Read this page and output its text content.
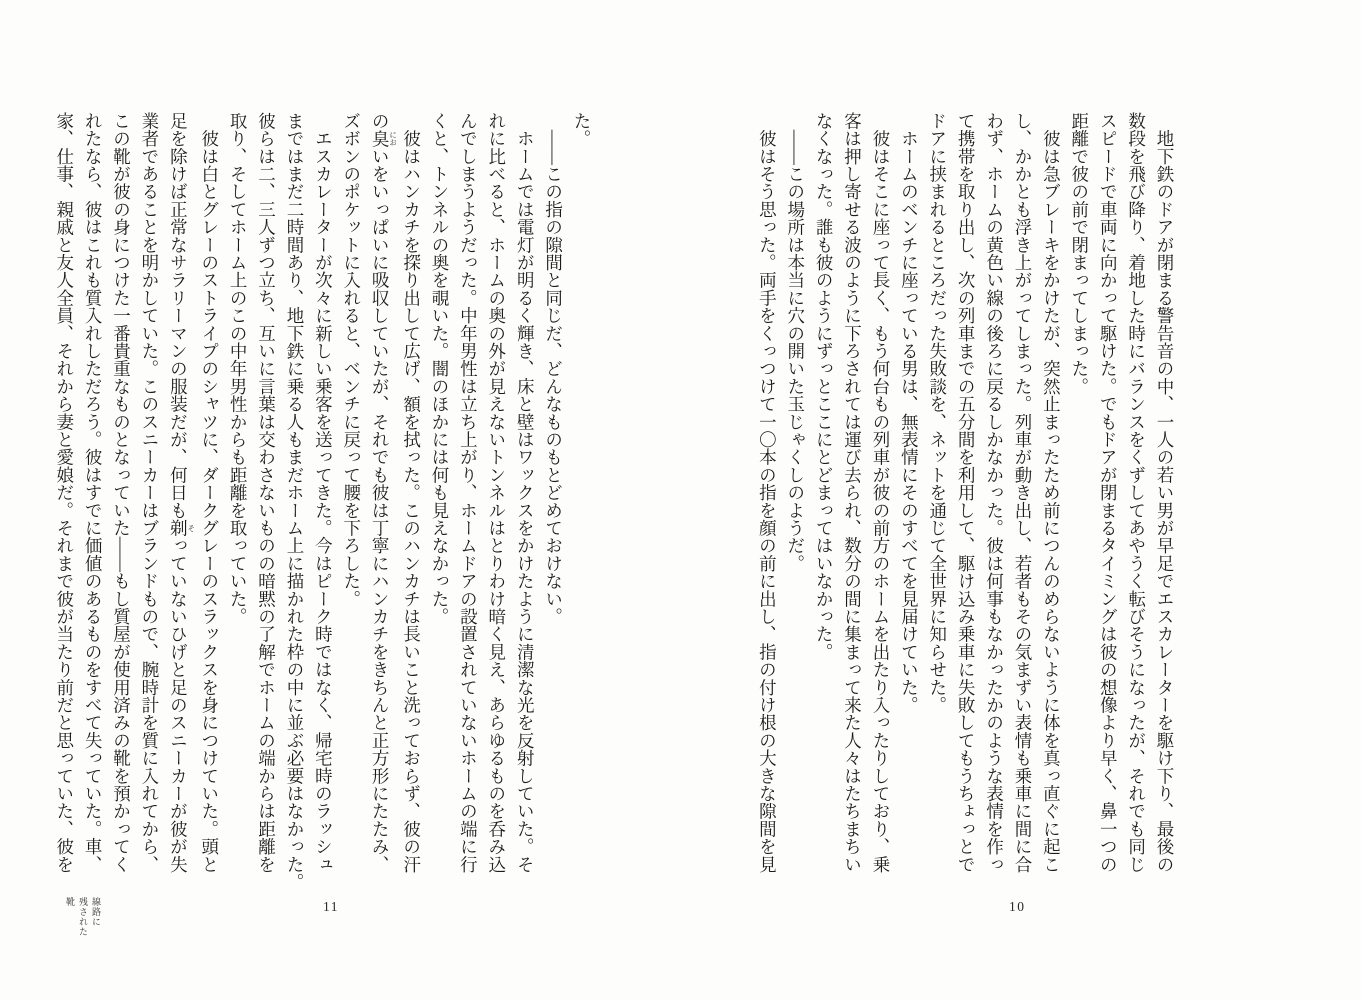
　地下鉄のドアが閉まる警告音の中、一人の若い男が早足でエスカレーターを駆け下り、最後の
数段を飛び降り、着地した時にバランスをくずしてあやうく転びそうになったが、それでも同じ
スピードで車両に向かって駆けた。でもドアが閉まるタイミングは彼の想像より早く、鼻一つの
距離で彼の前で閉まってしまった。
　彼は急ブレーキをかけたが、突然止まったため前につんのめらないように体を真っ直ぐに起こ
し、かかとも浮き上がってしまった。列車が動き出し、若者もその気まずい表情も乗車に間に合
わず、ホームの黄色い線の後ろに戻るしかなかった。彼は何事もなかったかのような表情を作っ
て携帯を取り出し、次の列車までの五分間を利用して、駆け込み乗車に失敗してもうちょっとで
ドアに挟まれるところだった失敗談を、ネットを通じて全世界に知らせた。
　ホームのベンチに座っている男は、無表情にそのすべてを見届けていた。
　彼はそこに座って長く、もう何台もの列車が彼の前方のホームを出たり入ったりしており、乗
客は押し寄せる波のように下ろされては運び去られ、数分の間に集まって来た人々はたちまちい
なくなった。誰も彼のようにずっとここにとどまってはいなかった。
　――この場所は本当に穴の開いた玉じゃくしのようだ。
　彼はそう思った。両手をくっつけて一〇本の指を顔の前に出し、指の付け根の大きな隙間を見
た。
　――この指の隙間と同じだ、どんなものもとどめておけない。
　ホームでは電灯が明るく輝き、床と壁はワックスをかけたように清潔な光を反射していた。そ
れに比べると、ホームの奥の外が見えないトンネルはとりわけ暗く見え、あらゆるものを呑み込
んでしまうようだった。中年男性は立ち上がり、ホームドアの設置されていないホームの端に行
くと、トンネルの奥を覗いた。闇のほかには何も見えなかった。
　彼はハンカチを探り出して広げ、額を拭った。このハンカチは長いこと洗っておらず、彼の汗
の臭においをいっぱいに吸収していたが、それでも彼は丁寧にハンカチをきちんと正方形にたたみ、
ズボンのポケットに入れると、ベンチに戻って腰を下ろした。
　エスカレーターが次々に新しい乗客を送ってきた。今はピーク時ではなく、帰宅時のラッシュ
まではまだ二時間あり、地下鉄に乗る人もまだホーム上に描かれた枠の中に並ぶ必要はなかった。
彼らは二、三人ずつ立ち、互いに言葉は交わさないものの暗黙の了解でホームの端からは距離を
取り、そしてホーム上のこの中年男性からも距離を取っていた。
　彼は白とグレーのストライプのシャツに、ダークグレーのスラックスを身につけていた。頭と
足を除けば正常なサラリーマンの服装だが、何日も剃そっていないひげと足のスニーカーが彼が失
業者であることを明かしていた。このスニーカーはブランドもので、腕時計を質に入れてから、
この靴が彼の身につけた一番貴重なものとなっていた――もし質屋が使用済みの靴を預かってく
れたなら、彼はこれも質入れしただろう。彼はすでに価値のあるものをすべて失っていた。車、
家、仕事、親戚と友人全員、それから妻と愛娘だ。それまで彼が当たり前だと思っていた、彼を
10
11
線路に
残された
靴
